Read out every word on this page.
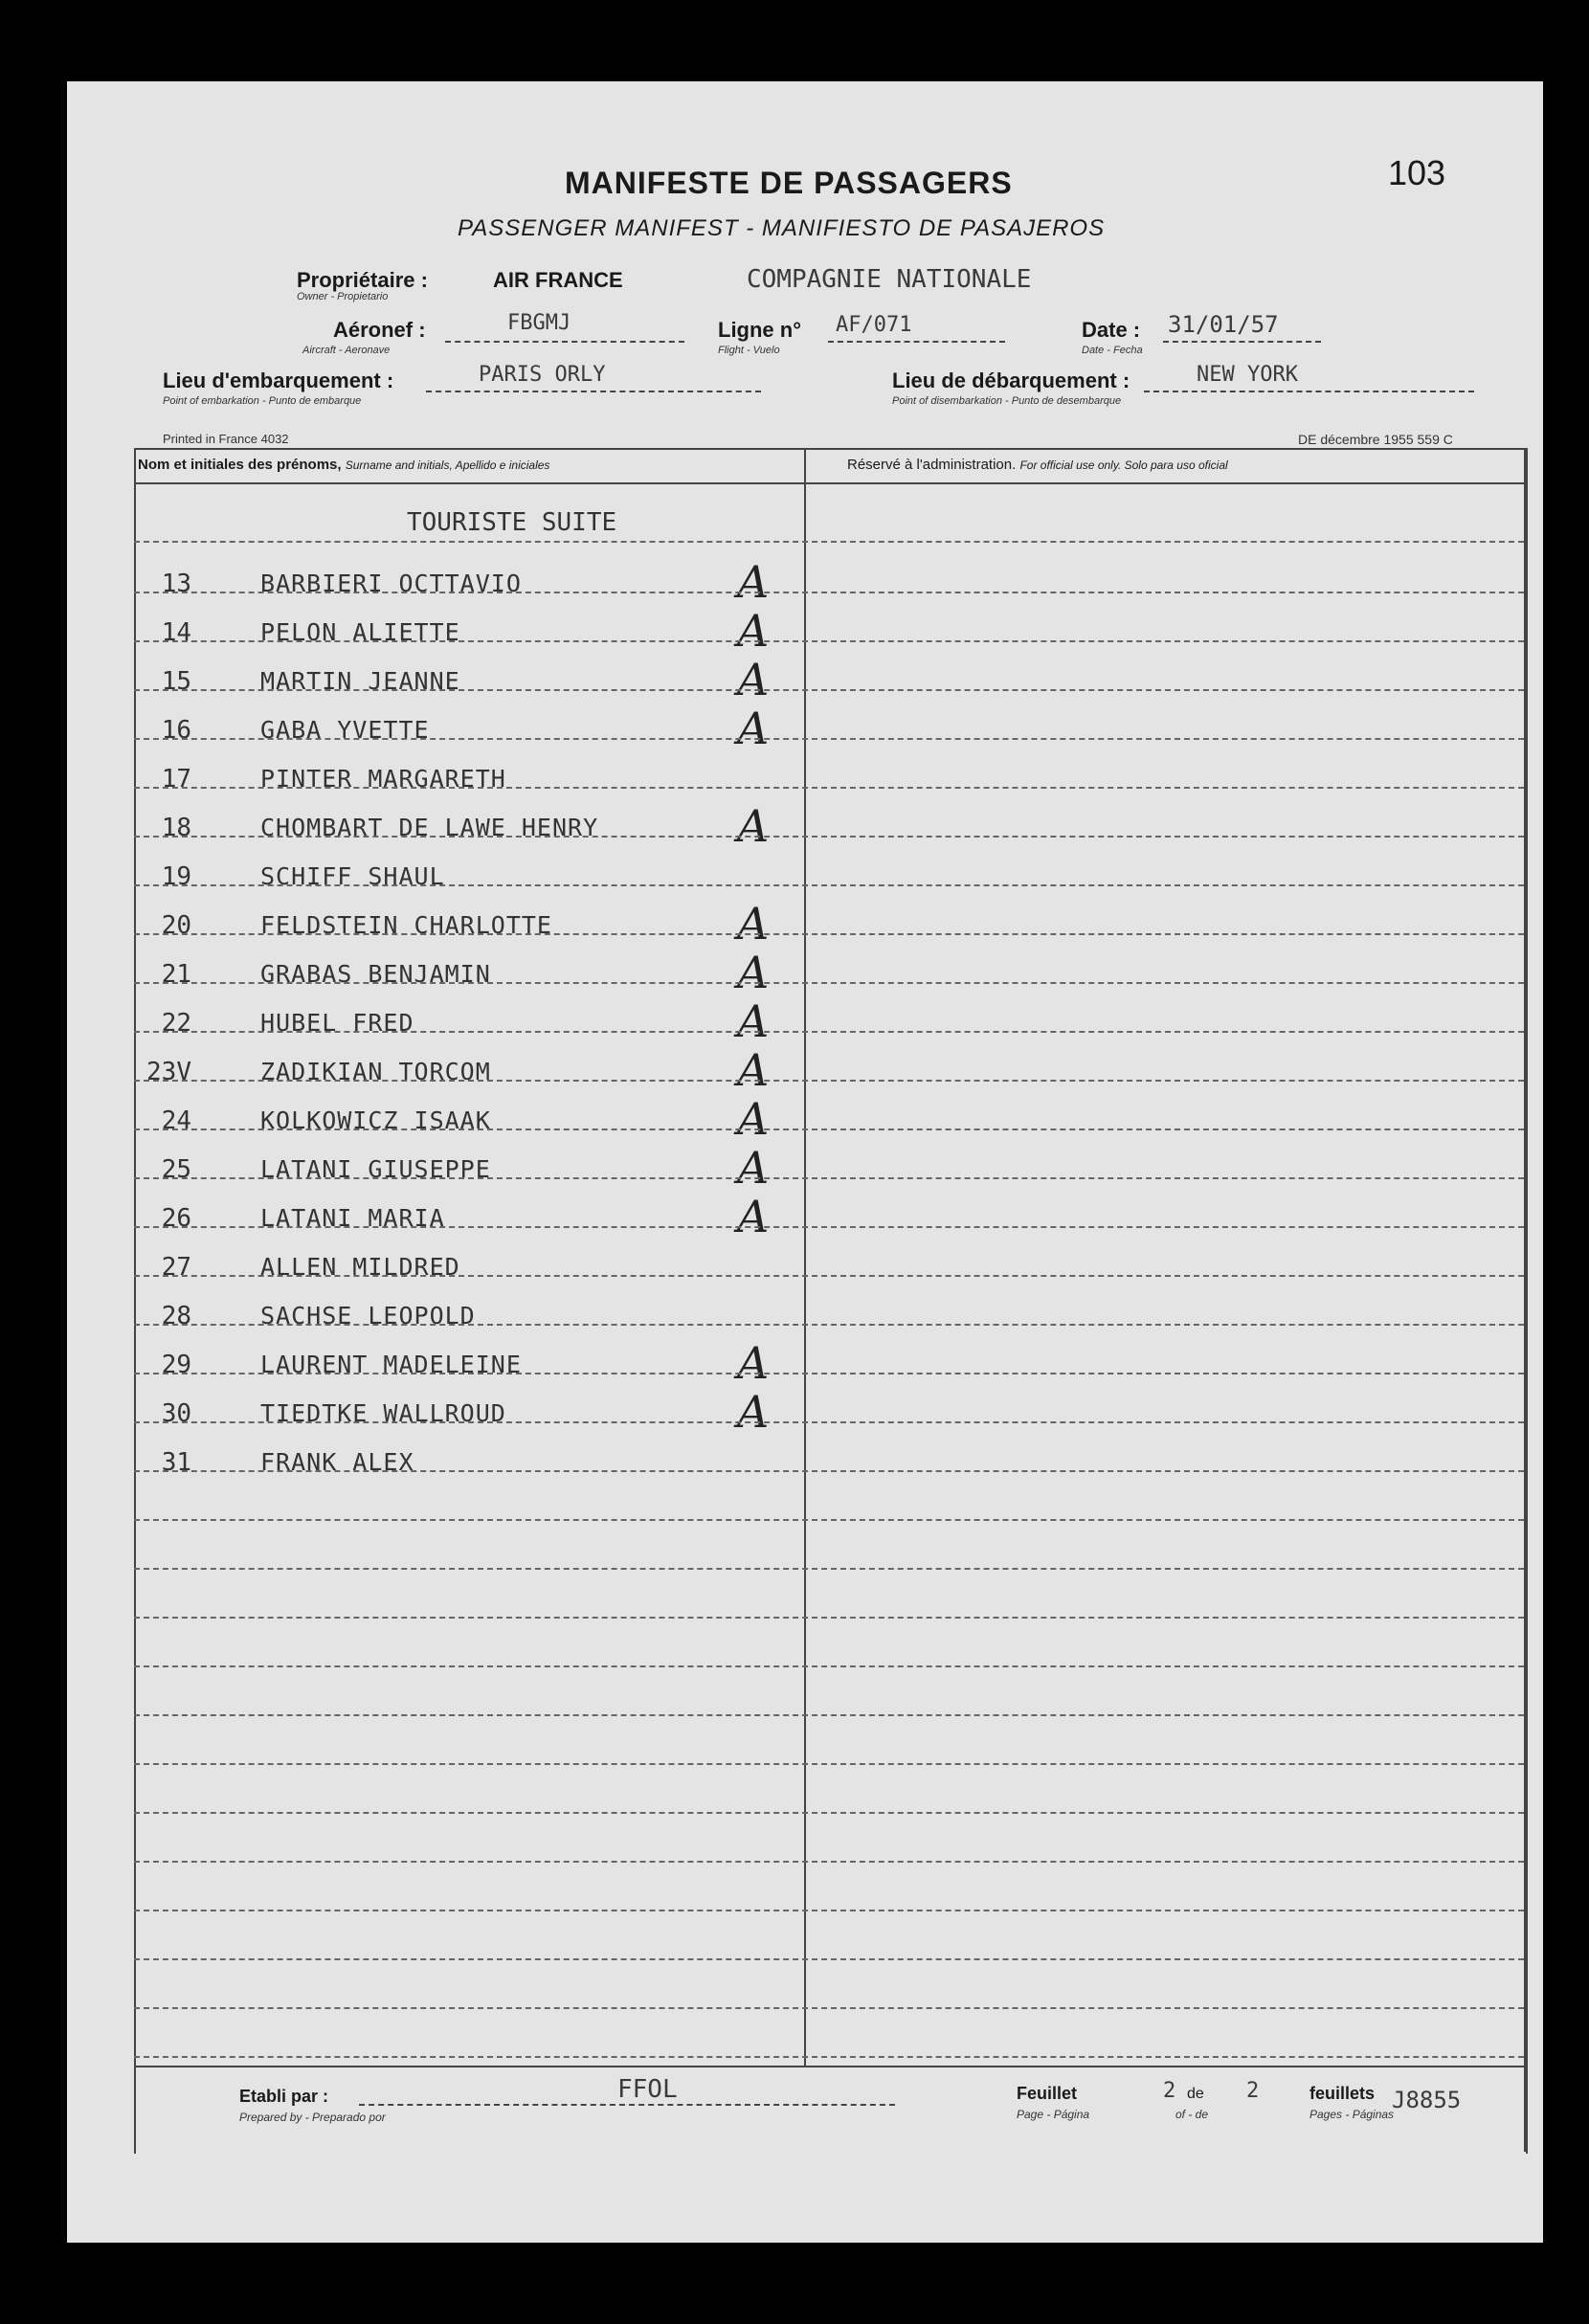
103
MANIFESTE DE PASSAGERS
PASSENGER MANIFEST - MANIFIESTO DE PASAJEROS
Propriétaire :	AIR FRANCE	COMPAGNIE NATIONALE
Owner - Propietario
Aéronef :	FBGMJ
Aircraft - Aeronave
Ligne n° AF/071
Flight - Vuelo
Date : 31/01/57
Date - Fecha
Lieu d'embarquement :	PARIS ORLY
Point of embarkation - Punto de embarque
Lieu de débarquement :	NEW YORK
Point of disembarkation - Punto de desembarque
Printed in France 4032	DE décembre 1955 559 C
Nom et initiales des prénoms, Surname and initials, Apellido e iniciales	Réservé à l'administration. For official use only. Solo para uso oficial
TOURISTE SUITE
13	BARBIERI OCTTAVIO	A
14	PELON ALIETTE	A
15	MARTIN JEANNE	A
16	GABA YVETTE	A
17	PINTER MARGARETH
18	CHOMBART DE LAWE HENRY	A
19	SCHIFF SHAUL
20	FELDSTEIN CHARLOTTE	A
21	GRABAS BENJAMIN	A
22	HUBEL FRED	A
23V	ZADIKIAN TORCOM	A
24	KOLKOWICZ ISAAK	A
25	LATANI GIUSEPPE	A
26	LATANI MARIA	A
27	ALLEN MILDRED
28	SACHSE LEOPOLD
29	LAURENT MADELEINE	A
30	TIEDTKE WALLROUD	A
31	FRANK ALEX
Etabli par :
Prepared by - Preparado por
FFOL	Feuillet
Page - Página
2 de
of - de
2	feuillets
Pages - Páginas
J8855
